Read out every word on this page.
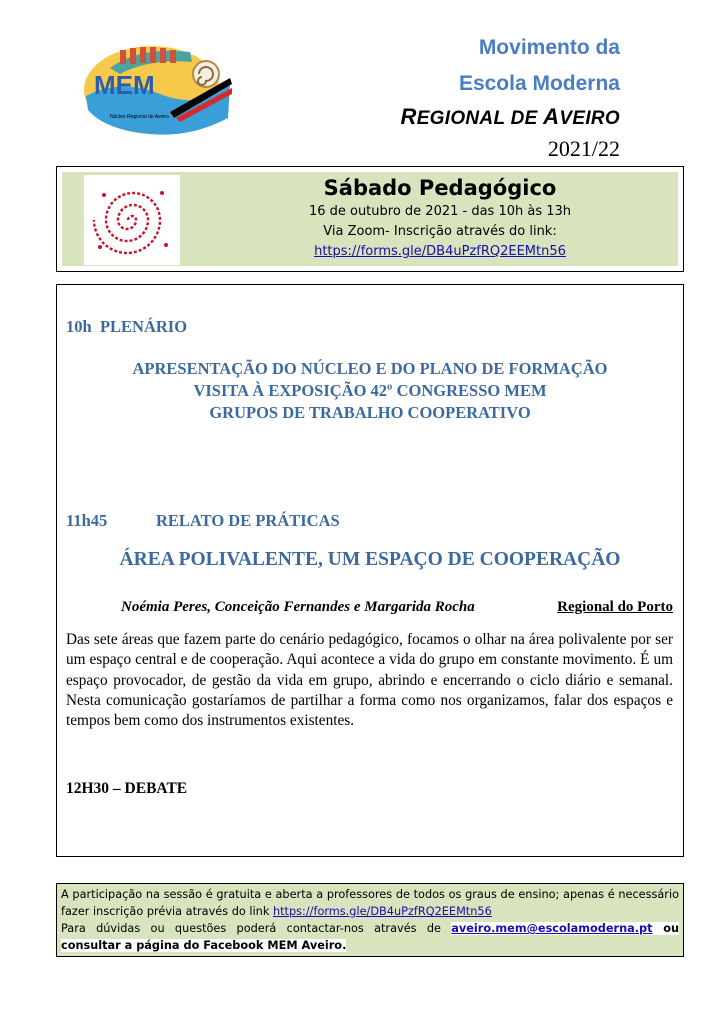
MEM
Núcleo Regional de Aveiro
Movimento da
Escola Moderna
REGIONAL DE AVEIRO
2021/22
Sábado Pedagógico
16 de outubro de 2021 - das 10h às 13h
Via Zoom- Inscrição através do link:
https://forms.gle/DB4uPzfRQ2EEMtn56
10h PLENÁRIO
APRESENTAÇÃO DO NÚCLEO E DO PLANO DE FORMAÇÃO
VISITA À EXPOSIÇÃO 42º CONGRESSO MEM
GRUPOS DE TRABALHO COOPERATIVO
11h45	RELATO DE PRÁTICAS
ÁREA POLIVALENTE, UM ESPAÇO DE COOPERAÇÃO
Noémia Peres, Conceição Fernandes e Margarida Rocha	Regional do Porto
Das sete áreas que fazem parte do cenário pedagógico, focamos o olhar na área polivalente por ser um espaço central e de cooperação. Aqui acontece a vida do grupo em constante movimento. É um espaço provocador, de gestão da vida em grupo, abrindo e encerrando o ciclo diário e semanal. Nesta comunicação gostaríamos de partilhar a forma como nos organizamos, falar dos espaços e tempos bem como dos instrumentos existentes.
12H30 – DEBATE
A participação na sessão é gratuita e aberta a professores de todos os graus de ensino; apenas é necessário fazer inscrição prévia através do link https://forms.gle/DB4uPzfRQ2EEMtn56
Para dúvidas ou questões poderá contactar-nos através de aveiro.mem@escolamoderna.pt ou consultar a página do Facebook MEM Aveiro.
